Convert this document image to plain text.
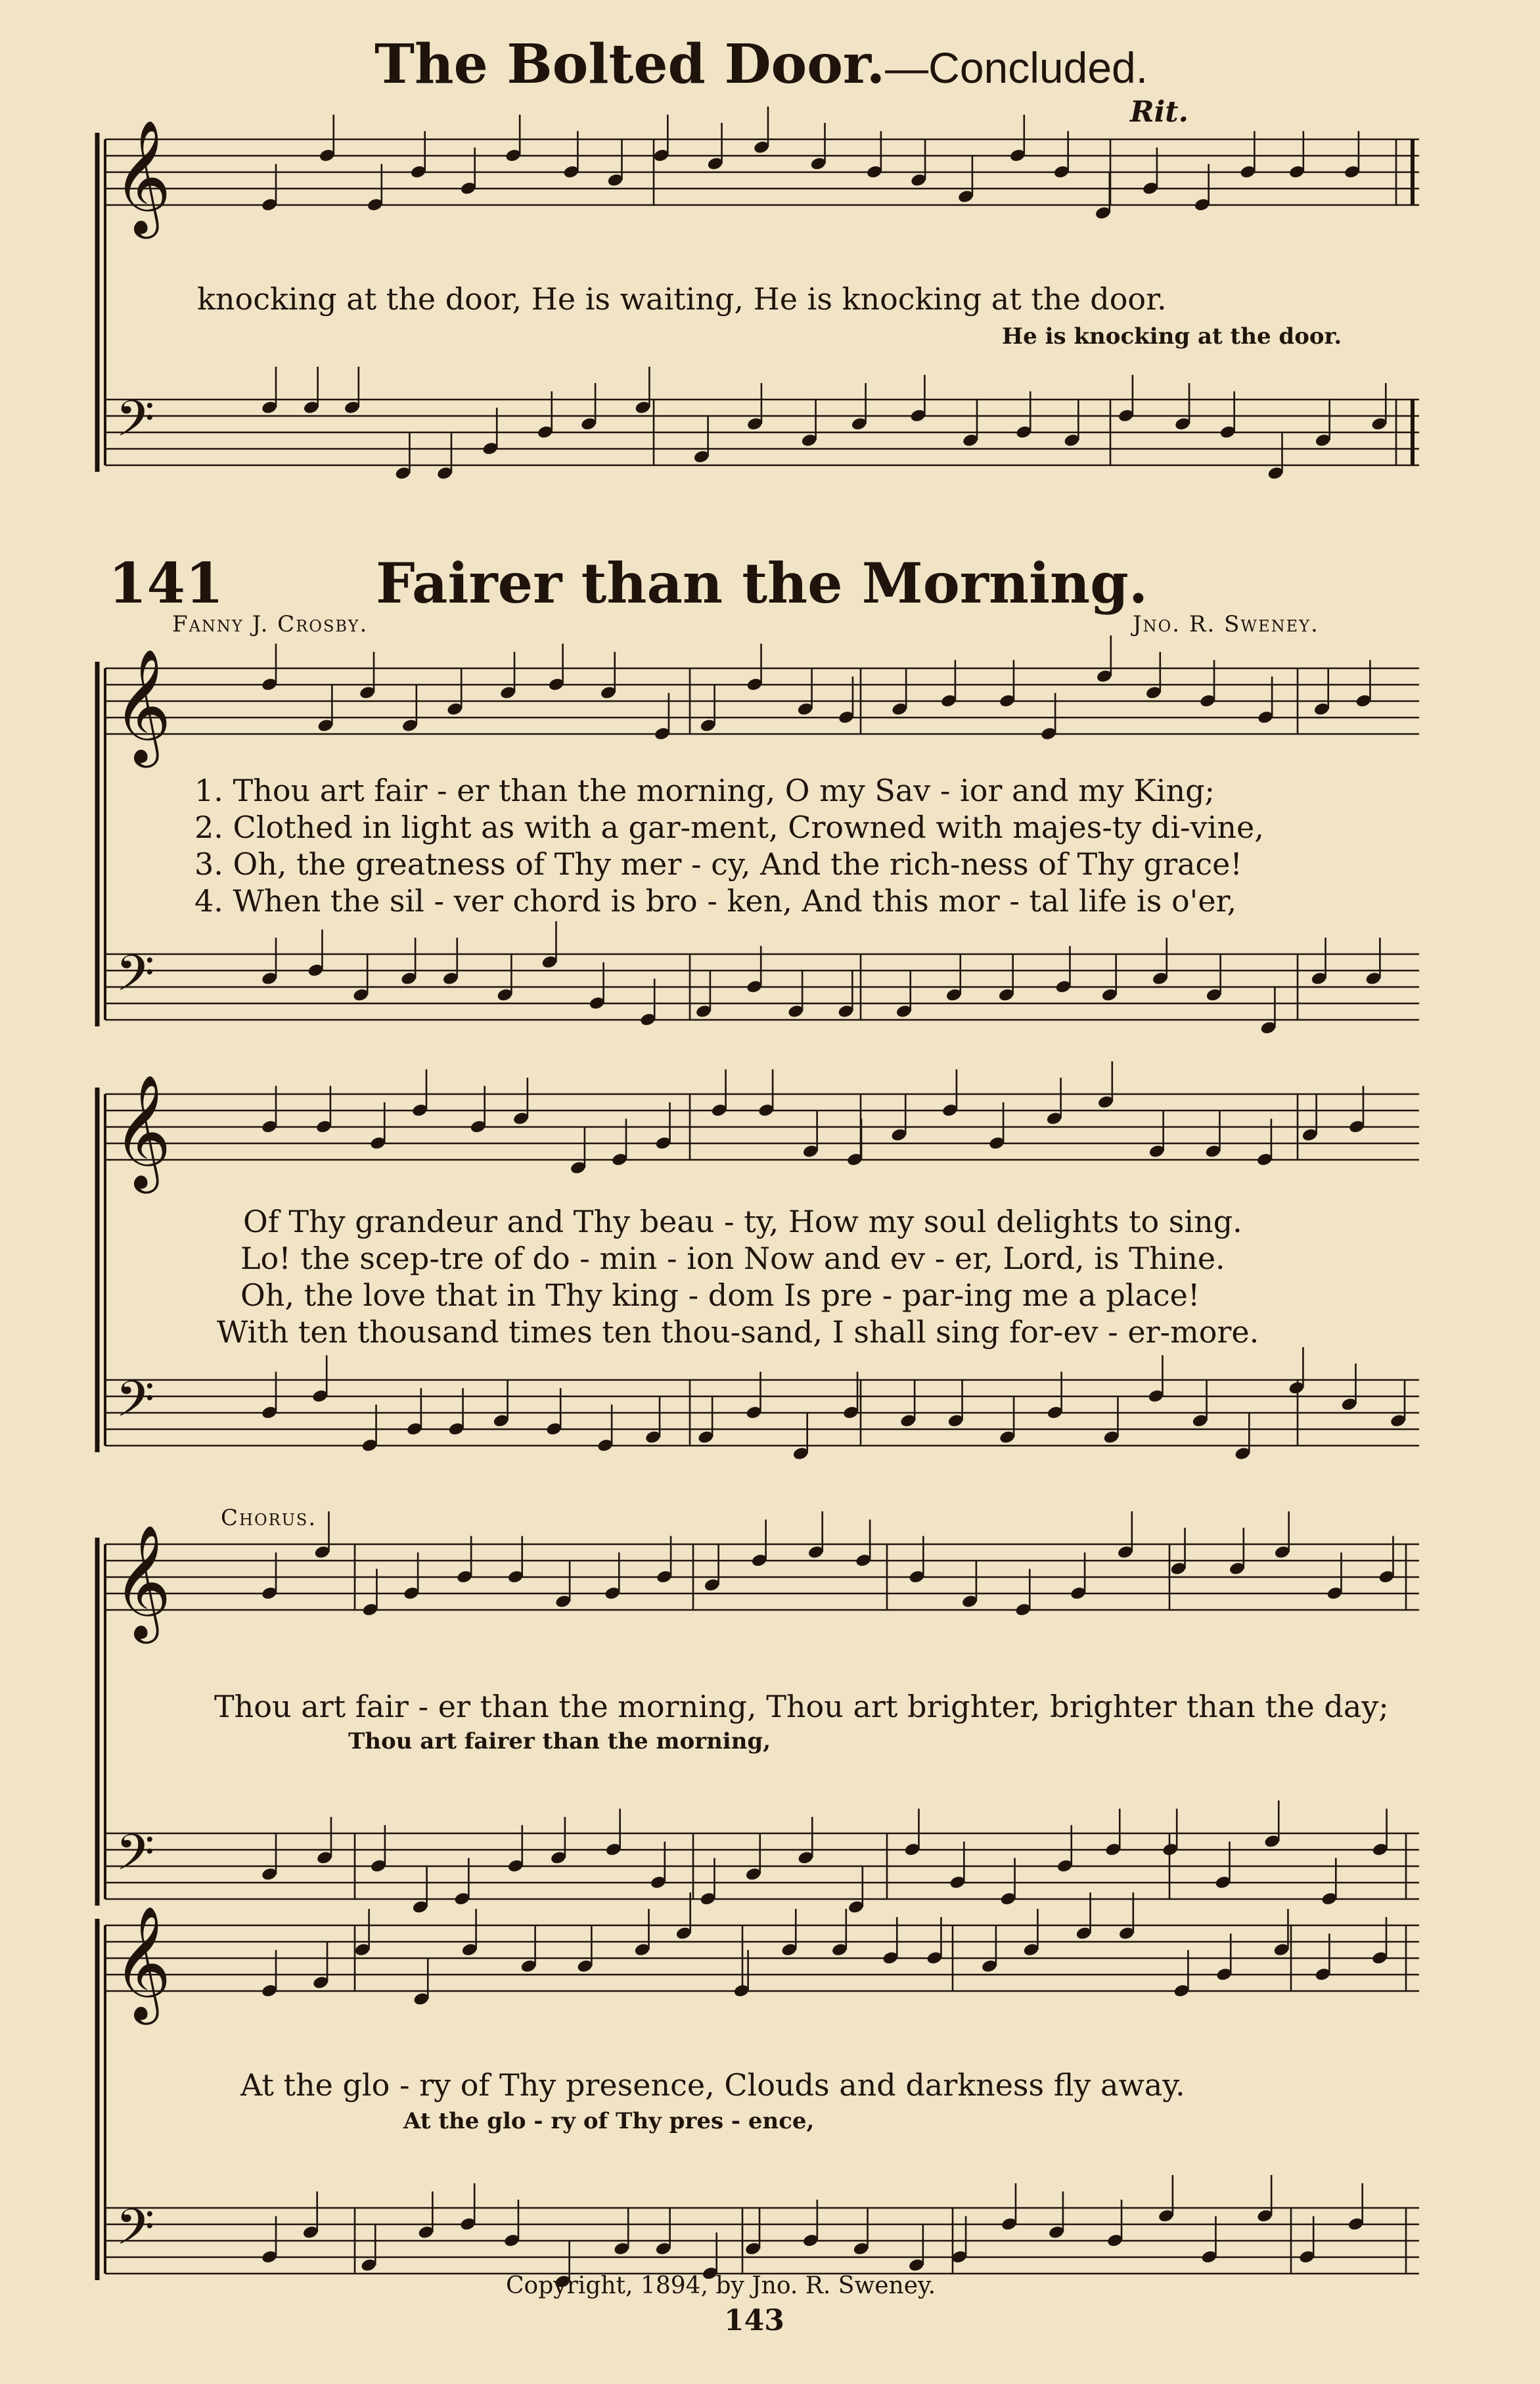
The Bolted Door.—Concluded.
Rit.
𝄞
𝄢
𝄞
𝄢
𝄞
𝄢
𝄞
𝄢
𝄞
𝄢
knocking at the door, He is waiting, He is knocking at the door.
He is knocking at the door.
141	Fairer than the Morning.
Fanny J. Crosby.	Jno. R. Sweney.
1. Thou art fair - er than the morning, O my Sav - ior and my King;
2. Clothed in light as with a gar-ment, Crowned with majes-ty di-vine,
3. Oh, the greatness of Thy mer - cy, And the rich-ness of Thy grace!
4. When the sil - ver chord is bro - ken, And this mor - tal life is o'er,
Of Thy grandeur and Thy beau - ty, How my soul delights to sing.
Lo! the scep-tre of do - min - ion Now and ev - er, Lord, is Thine.
Oh, the love that in Thy king - dom Is pre - par-ing me a place!
With ten thousand times ten thou-sand, I shall sing for-ev - er-more.
Chorus.
Thou art fair - er than the morning, Thou art brighter, brighter than the day;
Thou art fairer than the morning,
At the glo - ry of Thy presence, Clouds and darkness fly away.
At the glo - ry of Thy pres - ence,
Copyright, 1894, by Jno. R. Sweney.
143
